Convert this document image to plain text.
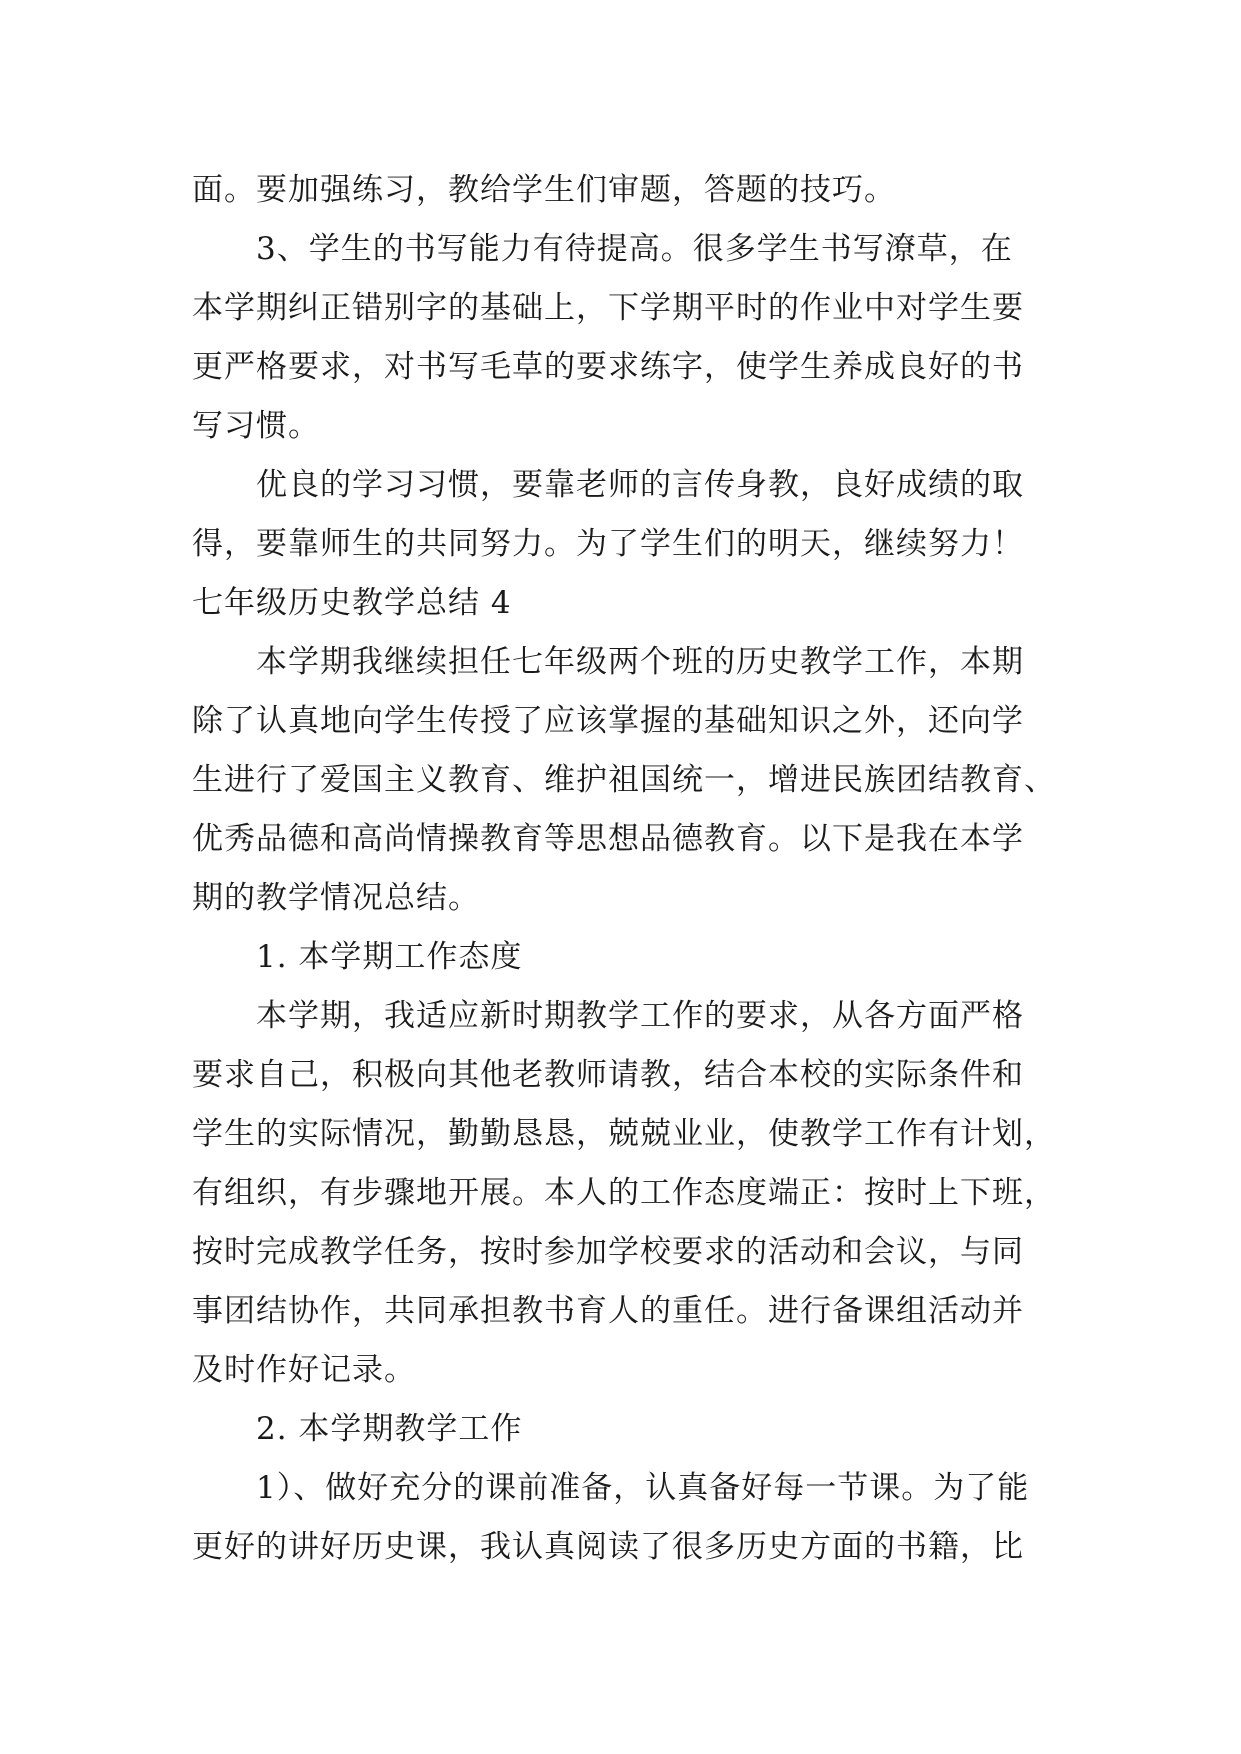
面。要加强练习，教给学生们审题，答题的技巧。
3、学生的书写能力有待提高。很多学生书写潦草，在
本学期纠正错别字的基础上，下学期平时的作业中对学生要
更严格要求，对书写毛草的要求练字，使学生养成良好的书
写习惯。
优良的学习习惯，要靠老师的言传身教，良好成绩的取
得，要靠师生的共同努力。为了学生们的明天，继续努力！
七年级历史教学总结 4
本学期我继续担任七年级两个班的历史教学工作，本期
除了认真地向学生传授了应该掌握的基础知识之外，还向学
生进行了爱国主义教育、维护祖国统一，增进民族团结教育、
优秀品德和高尚情操教育等思想品德教育。以下是我在本学
期的教学情况总结。
1. 本学期工作态度
本学期，我适应新时期教学工作的要求，从各方面严格
要求自己，积极向其他老教师请教，结合本校的实际条件和
学生的实际情况，勤勤恳恳，兢兢业业，使教学工作有计划，
有组织，有步骤地开展。本人的工作态度端正：按时上下班，
按时完成教学任务，按时参加学校要求的活动和会议，与同
事团结协作，共同承担教书育人的重任。进行备课组活动并
及时作好记录。
2. 本学期教学工作
1）、做好充分的课前准备，认真备好每一节课。为了能
更好的讲好历史课，我认真阅读了很多历史方面的书籍，比
